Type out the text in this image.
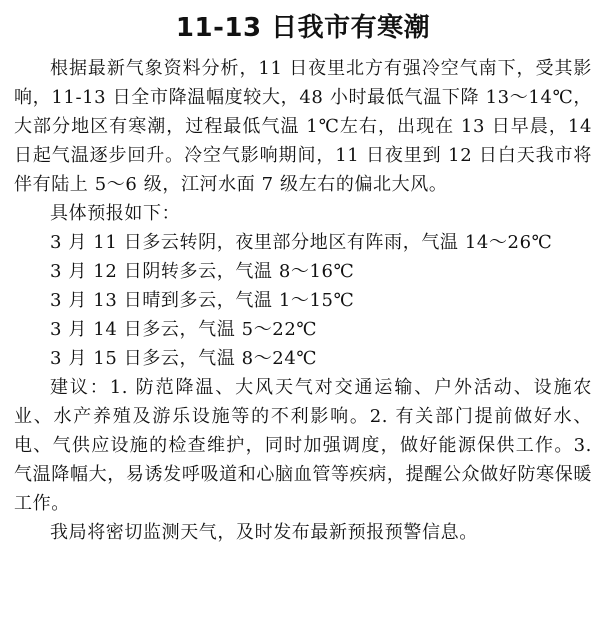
11-13 日我市有寒潮

根据最新气象资料分析，11 日夜里北方有强冷空气南下，受其影响，11-13 日全市降温幅度较大，48 小时最低气温下降 13～14℃，大部分地区有寒潮，过程最低气温 1℃左右，出现在 13 日早晨，14 日起气温逐步回升。冷空气影响期间，11 日夜里到 12 日白天我市将伴有陆上 5～6 级，江河水面 7 级左右的偏北大风。

具体预报如下：

3 月 11 日多云转阴，夜里部分地区有阵雨，气温 14～26℃

3 月 12 日阴转多云，气温 8～16℃

3 月 13 日晴到多云，气温 1～15℃

3 月 14 日多云，气温 5～22℃

3 月 15 日多云，气温 8～24℃

建议：1. 防范降温、大风天气对交通运输、户外活动、设施农业、水产养殖及游乐设施等的不利影响。2. 有关部门提前做好水、电、气供应设施的检查维护，同时加强调度，做好能源保供工作。3. 气温降幅大，易诱发呼吸道和心脑血管等疾病，提醒公众做好防寒保暖工作。

我局将密切监测天气，及时发布最新预报预警信息。
